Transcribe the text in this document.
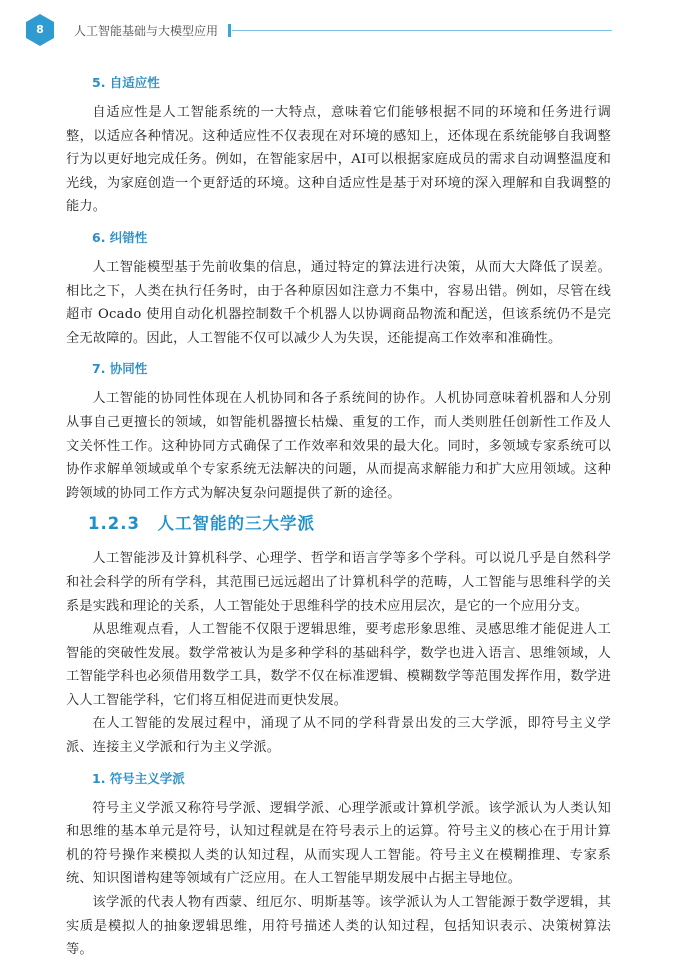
8	人工智能基础与大模型应用
5. 自适应性

自适应性是人工智能系统的一大特点，意味着它们能够根据不同的环境和任务进行调整，以适应各种情况。这种适应性不仅表现在对环境的感知上，还体现在系统能够自我调整行为以更好地完成任务。例如，在智能家居中，AI可以根据家庭成员的需求自动调整温度和光线，为家庭创造一个更舒适的环境。这种自适应性是基于对环境的深入理解和自我调整的能力。

6. 纠错性

人工智能模型基于先前收集的信息，通过特定的算法进行决策，从而大大降低了误差。相比之下，人类在执行任务时，由于各种原因如注意力不集中，容易出错。例如，尽管在线超市 Ocado 使用自动化机器控制数千个机器人以协调商品物流和配送，但该系统仍不是完全无故障的。因此，人工智能不仅可以减少人为失误，还能提高工作效率和准确性。

7. 协同性

人工智能的协同性体现在人机协同和各子系统间的协作。人机协同意味着机器和人分别从事自己更擅长的领域，如智能机器擅长枯燥、重复的工作，而人类则胜任创新性工作及人文关怀性工作。这种协同方式确保了工作效率和效果的最大化。同时，多领域专家系统可以协作求解单领域或单个专家系统无法解决的问题，从而提高求解能力和扩大应用领域。这种跨领域的协同工作方式为解决复杂问题提供了新的途径。

1.2.3　人工智能的三大学派

人工智能涉及计算机科学、心理学、哲学和语言学等多个学科。可以说几乎是自然科学和社会科学的所有学科，其范围已远远超出了计算机科学的范畴，人工智能与思维科学的关系是实践和理论的关系，人工智能处于思维科学的技术应用层次，是它的一个应用分支。

从思维观点看，人工智能不仅限于逻辑思维，要考虑形象思维、灵感思维才能促进人工智能的突破性发展。数学常被认为是多种学科的基础科学，数学也进入语言、思维领域，人工智能学科也必须借用数学工具，数学不仅在标准逻辑、模糊数学等范围发挥作用，数学进入人工智能学科，它们将互相促进而更快发展。

在人工智能的发展过程中，涌现了从不同的学科背景出发的三大学派，即符号主义学派、连接主义学派和行为主义学派。

1. 符号主义学派

符号主义学派又称符号学派、逻辑学派、心理学派或计算机学派。该学派认为人类认知和思维的基本单元是符号，认知过程就是在符号表示上的运算。符号主义的核心在于用计算机的符号操作来模拟人类的认知过程，从而实现人工智能。符号主义在模糊推理、专家系统、知识图谱构建等领域有广泛应用。在人工智能早期发展中占据主导地位。

该学派的代表人物有西蒙、纽厄尔、明斯基等。该学派认为人工智能源于数学逻辑，其实质是模拟人的抽象逻辑思维，用符号描述人类的认知过程，包括知识表示、决策树算法等。
